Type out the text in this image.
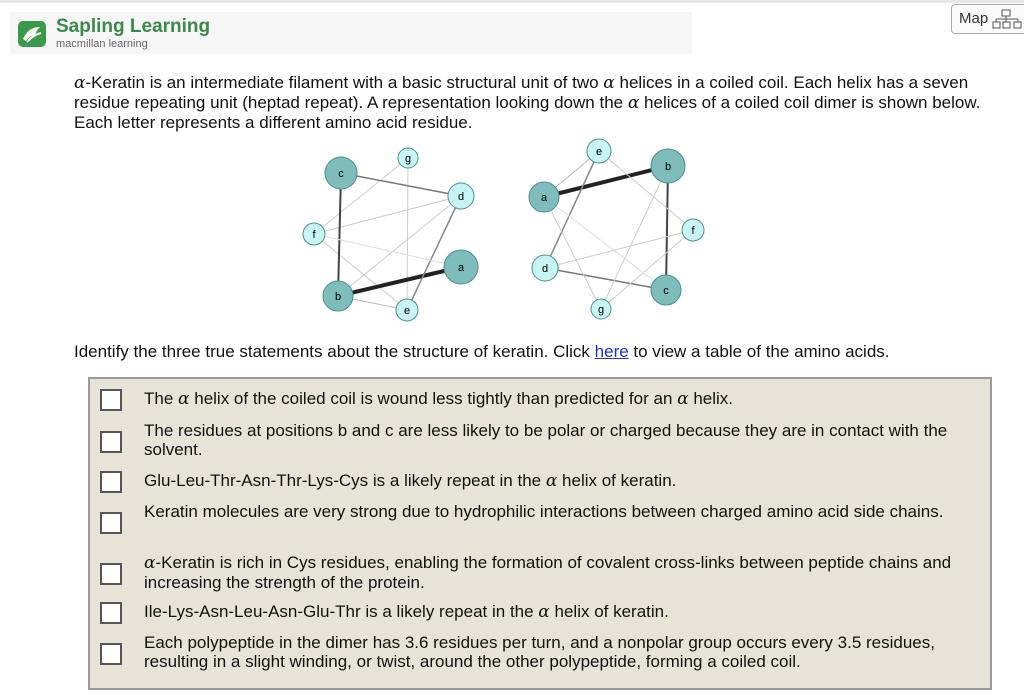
Sapling Learning
macmillan learning
Map
α-Keratin is an intermediate filament with a basic structural unit of two α helices in a coiled coil. Each helix has a seven residue repeating unit (heptad repeat). A representation looking down the α helices of a coiled coil dimer is shown below. Each letter represents a different amino acid residue.
g
c
d
f
a
b
e
e
b
a
f
d
c
g
Identify the three true statements about the structure of keratin. Click here to view a table of the amino acids.
The α helix of the coiled coil is wound less tightly than predicted for an α helix.
The residues at positions b and c are less likely to be polar or charged because they are in contact with the solvent.
Glu-Leu-Thr-Asn-Thr-Lys-Cys is a likely repeat in the α helix of keratin.
Keratin molecules are very strong due to hydrophilic interactions between charged amino acid side chains.
α-Keratin is rich in Cys residues, enabling the formation of covalent cross-links between peptide chains and increasing the strength of the protein.
Ile-Lys-Asn-Leu-Asn-Glu-Thr is a likely repeat in the α helix of keratin.
Each polypeptide in the dimer has 3.6 residues per turn, and a nonpolar group occurs every 3.5 residues, resulting in a slight winding, or twist, around the other polypeptide, forming a coiled coil.
